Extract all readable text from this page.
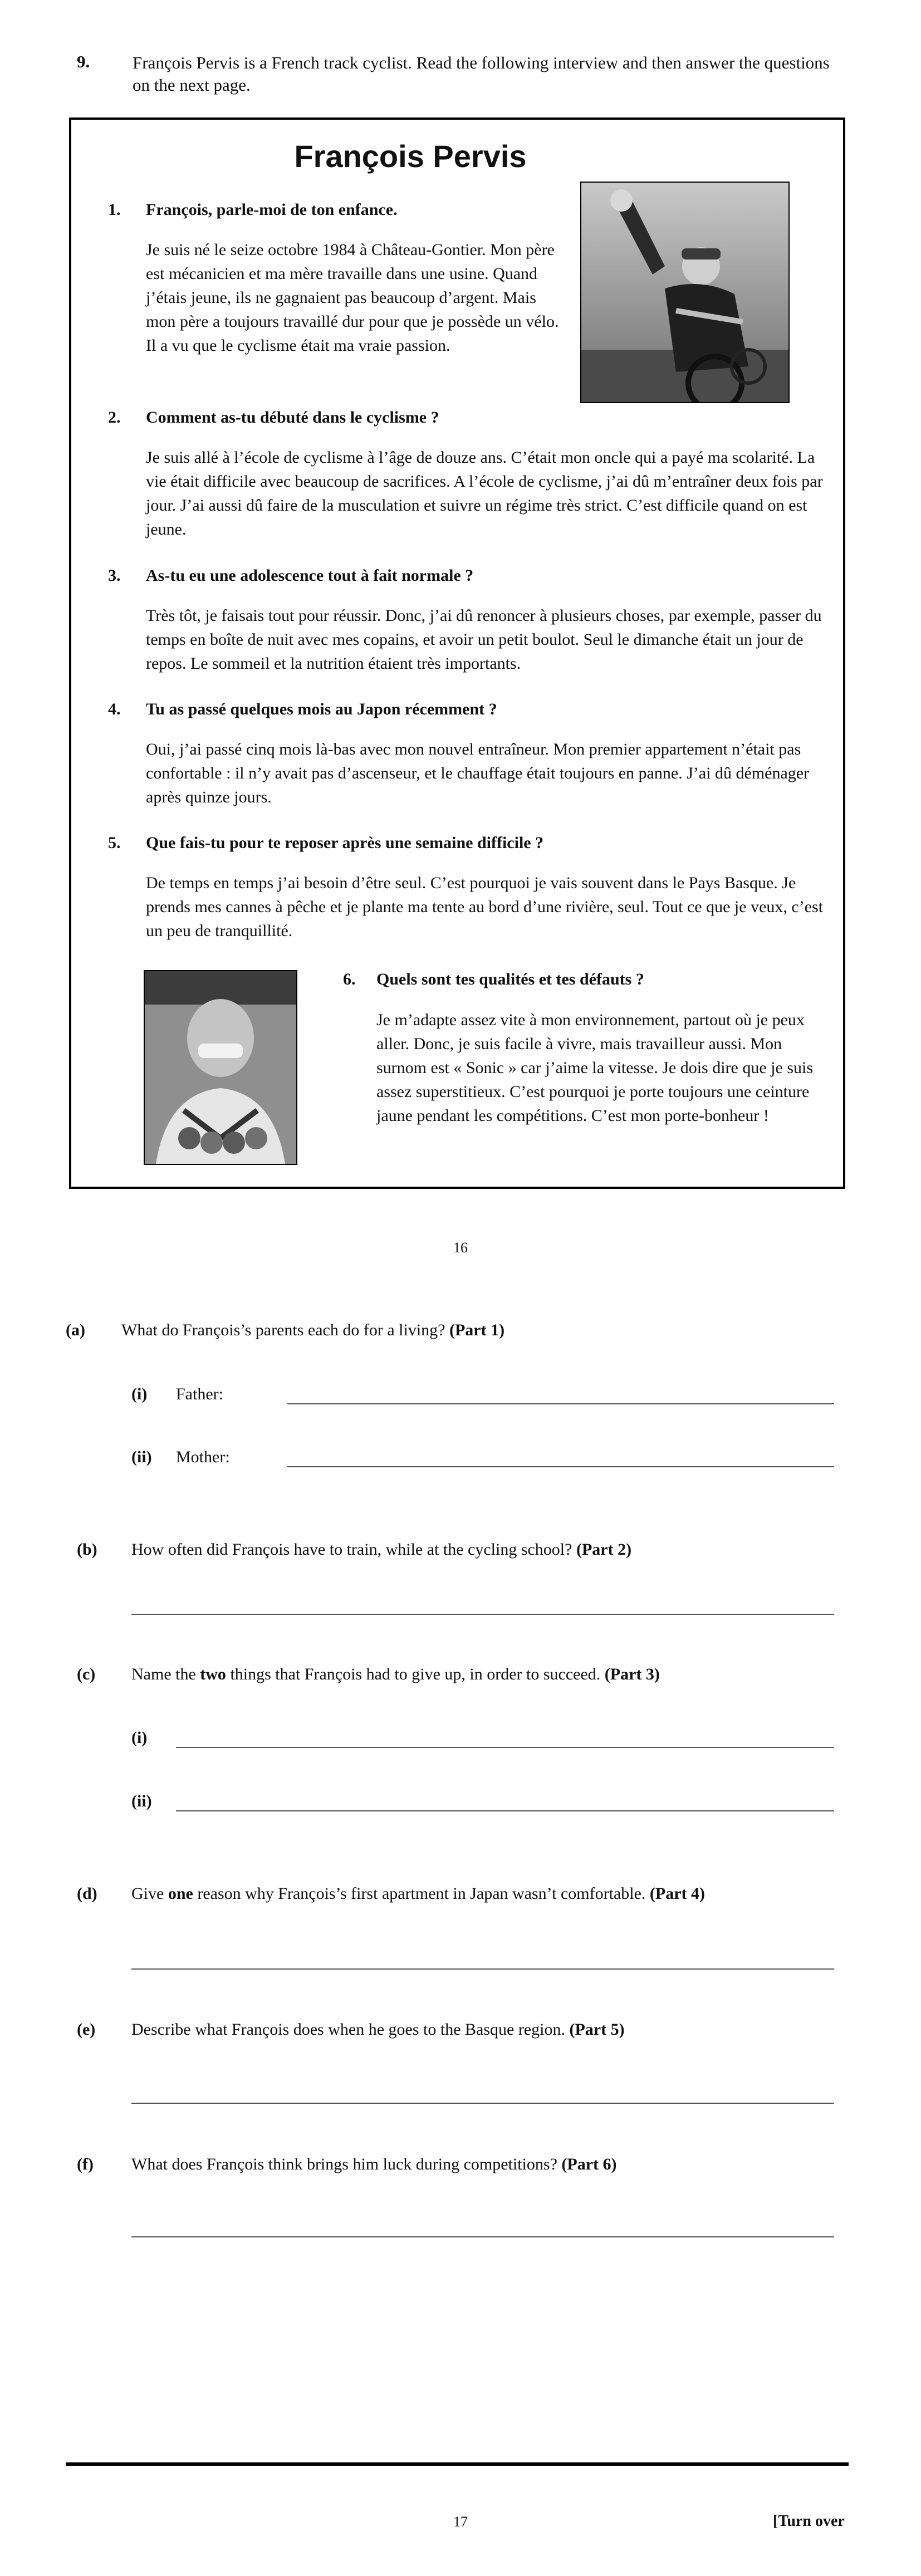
9. François Pervis is a French track cyclist. Read the following interview and then answer the questions on the next page.
François Pervis
1. François, parle-moi de ton enfance.
Je suis né le seize octobre 1984 à Château-Gontier. Mon père est mécanicien et ma mère travaille dans une usine. Quand j’étais jeune, ils ne gagnaient pas beaucoup d’argent. Mais mon père a toujours travaillé dur pour que je possède un vélo. Il a vu que le cyclisme était ma vraie passion.
2. Comment as-tu débuté dans le cyclisme ?
Je suis allé à l’école de cyclisme à l’âge de douze ans. C’était mon oncle qui a payé ma scolarité. La vie était difficile avec beaucoup de sacrifices. A l’école de cyclisme, j’ai dû m’entraîner deux fois par jour. J’ai aussi dû faire de la musculation et suivre un régime très strict. C’est difficile quand on est jeune.
3. As-tu eu une adolescence tout à fait normale ?
Très tôt, je faisais tout pour réussir. Donc, j’ai dû renoncer à plusieurs choses, par exemple, passer du temps en boîte de nuit avec mes copains, et avoir un petit boulot. Seul le dimanche était un jour de repos. Le sommeil et la nutrition étaient très importants.
4. Tu as passé quelques mois au Japon récemment ?
Oui, j’ai passé cinq mois là-bas avec mon nouvel entraîneur. Mon premier appartement n’était pas confortable : il n’y avait pas d’ascenseur, et le chauffage était toujours en panne. J’ai dû déménager après quinze jours.
5. Que fais-tu pour te reposer après une semaine difficile ?
De temps en temps j’ai besoin d’être seul. C’est pourquoi je vais souvent dans le Pays Basque. Je prends mes cannes à pêche et je plante ma tente au bord d’une rivière, seul. Tout ce que je veux, c’est un peu de tranquillité.
6. Quels sont tes qualités et tes défauts ?
Je m’adapte assez vite à mon environnement, partout où je peux aller. Donc, je suis facile à vivre, mais travailleur aussi. Mon surnom est « Sonic » car j’aime la vitesse. Je dois dire que je suis assez superstitieux. C’est pourquoi je porte toujours une ceinture jaune pendant les compétitions. C’est mon porte-bonheur !
16
(a) What do François’s parents each do for a living? (Part 1)
(i) Father:
(ii) Mother:
(b) How often did François have to train, while at the cycling school? (Part 2)
(c) Name the two things that François had to give up, in order to succeed. (Part 3)
(i)
(ii)
(d) Give one reason why François’s first apartment in Japan wasn’t comfortable. (Part 4)
(e) Describe what François does when he goes to the Basque region. (Part 5)
(f) What does François think brings him luck during competitions? (Part 6)
17	[Turn over
